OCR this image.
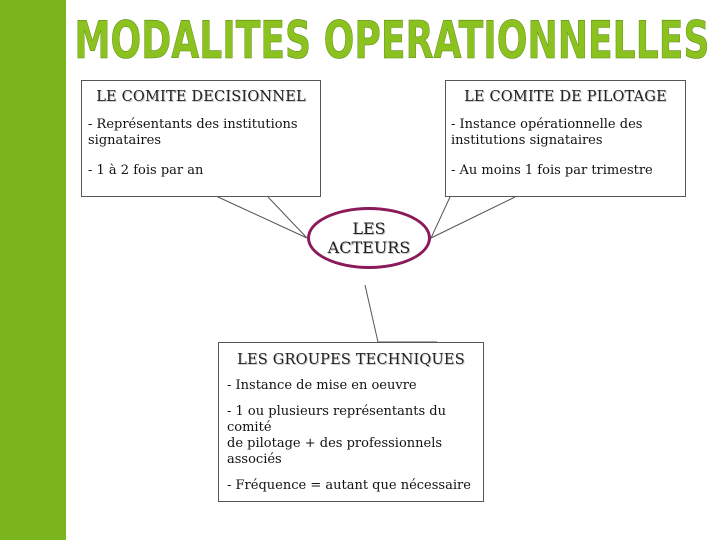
MODALITES OPERATIONNELLES
LE COMITE DECISIONNEL
- Représentants des institutions
signataires
- 1 à 2 fois par an
LE COMITE DE PILOTAGE
- Instance opérationnelle des
institutions signataires
- Au moins 1 fois par trimestre
LES
ACTEURS
LES GROUPES TECHNIQUES
- Instance de mise en oeuvre
- 1 ou plusieurs représentants du comité
de pilotage + des professionnels
associés
- Fréquence = autant que nécessaire
